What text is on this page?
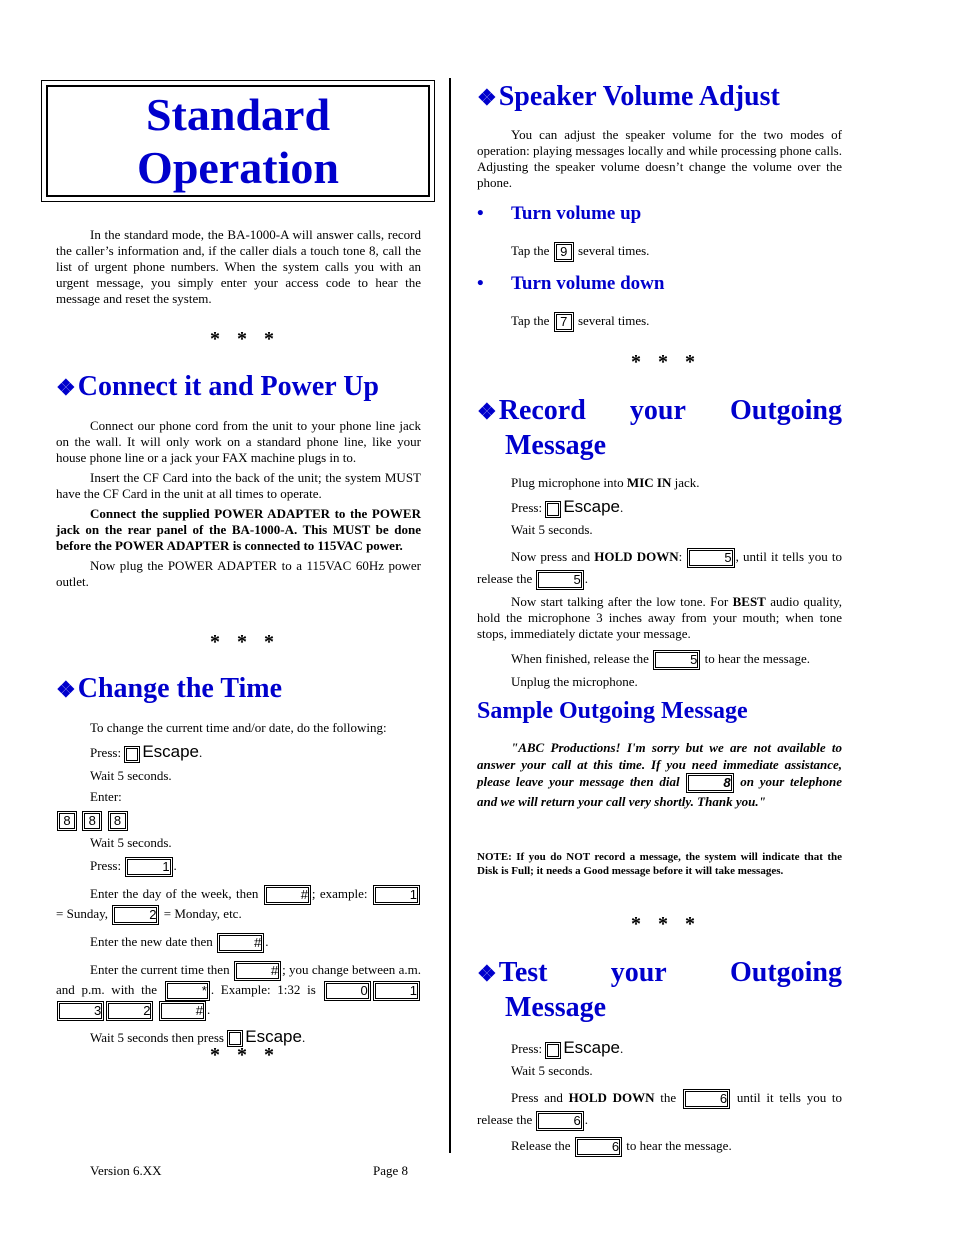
Standard
Operation

In the standard mode, the BA-1000-A will answer calls, record the caller’s information and, if the caller dials a touch tone 8, call the list of urgent phone numbers. When the system calls you with an urgent message, you simply enter your access code to hear the message and reset the system.

* * *
❖Connect it and Power Up

Connect our phone cord from the unit to your phone line jack on the wall. It will only work on a standard phone line, like your house phone line or a jack your FAX machine plugs in to.

Insert the CF Card into the back of the unit; the system MUST have the CF Card in the unit at all times to operate.

Connect the supplied POWER ADAPTER to the POWER jack on the rear panel of the BA-1000-A. This MUST be done before the POWER ADAPTER is connected to 115VAC power.

Now plug the POWER ADAPTER to a 115VAC 60Hz power outlet.

* * *
❖Change the Time

To change the current time and/or date, do the following:

Press: Escape.

Wait 5 seconds.

Enter:

8 8 8

Wait 5 seconds.

Press:	1 .

Enter the day of the week, then	# ; example:	1 = Sunday,	2 = Monday, etc.

Enter the new date then	# .

Enter the current time then	# ; you change between a.m. and p.m. with the	* . Example: 1:32 is	0	13	2	# .

Wait 5 seconds then press Escape.

* * *
Version 6.XX	Page 8
❖Speaker Volume Adjust

You can adjust the speaker volume for the two modes of operation: playing messages locally and while processing phone calls. Adjusting the speaker volume doesn’t change the volume over the phone.

• Turn volume up

Tap the 9 several times.

• Turn volume down

Tap the 7 several times.

* * *
❖Record your Outgoing
Message

Plug microphone into MIC IN jack.

Press: Escape.

Wait 5 seconds.

Now press and HOLD DOWN:	5 , until it tells you to release the	5 .

Now start talking after the low tone. For BEST audio quality, hold the microphone 3 inches away from your mouth; when tone stops, immediately dictate your message.

When finished, release the	5 to hear the message.

Unplug the microphone.

Sample Outgoing Message

"ABC Productions! I'm sorry but we are not available to answer your call at this time. If you need immediate assistance, please leave your message then dial	8 on your telephone and we will return your call very shortly. Thank you."

NOTE: If you do NOT record a message, the system will indicate that the Disk is Full; it needs a Good message before it will take messages.

* * *
❖Test your Outgoing
Message

Press: Escape.

Wait 5 seconds.

Press and HOLD DOWN the	6 until it tells you to release the	6 .

Release the	6 to hear the message.
